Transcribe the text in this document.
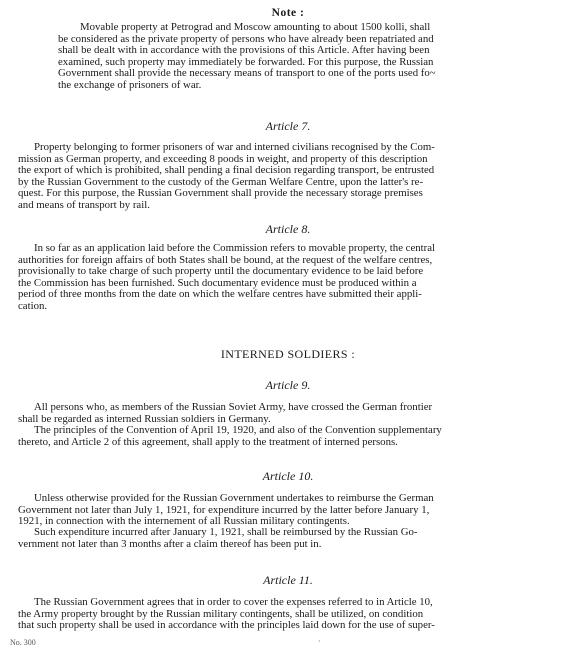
Note :
Movable property at Petrograd and Moscow amounting to about 1500 kolli, shall
be considered as the private property of persons who have already been repatriated and
shall be dealt with in accordance with the provisions of this Article. After having been
examined, such property may immediately be forwarded. For this purpose, the Russian
Government shall provide the necessary means of transport to one of the ports used fo~
the exchange of prisoners of war.
Article 7.
Property belonging to former prisoners of war and interned civilians recognised by the Com-
mission as German property, and exceeding 8 poods in weight, and property of this description
the export of which is prohibited, shall pending a final decision regarding transport, be entrusted
by the Russian Government to the custody of the German Welfare Centre, upon the latter's re-
quest. For this purpose, the Russian Government shall provide the necessary storage premises
and means of transport by rail.
Article 8.
In so far as an application laid before the Commission refers to movable property, the central
authorities for foreign affairs of both States shall be bound, at the request of the welfare centres,
provisionally to take charge of such property until the documentary evidence to be laid before
the Commission has been furnished. Such documentary evidence must be produced within a
period of three months from the date on which the welfare centres have submitted their appli-
cation.
INTERNED SOLDIERS :
Article 9.
All persons who, as members of the Russian Soviet Army, have crossed the German frontier
shall be regarded as interned Russian soldiers in Germany.
The principles of the Convention of April 19, 1920, and also of the Convention supplementary
thereto, and Article 2 of this agreement, shall apply to the treatment of interned persons.
Article 10.
Unless otherwise provided for the Russian Government undertakes to reimburse the German
Government not later than July 1, 1921, for expenditure incurred by the latter before January 1,
1921, in connection with the internement of all Russian military contingents.
Such expenditure incurred after January 1, 1921, shall be reimbursed by the Russian Go-
vernment not later than 3 months after a claim thereof has been put in.
Article 11.
The Russian Government agrees that in order to cover the expenses referred to in Article 10,
the Army property brought by the Russian military contingents, shall be utilized, on condition
that such property shall be used in accordance with the principles laid down for the use of super-
No. 300	·
